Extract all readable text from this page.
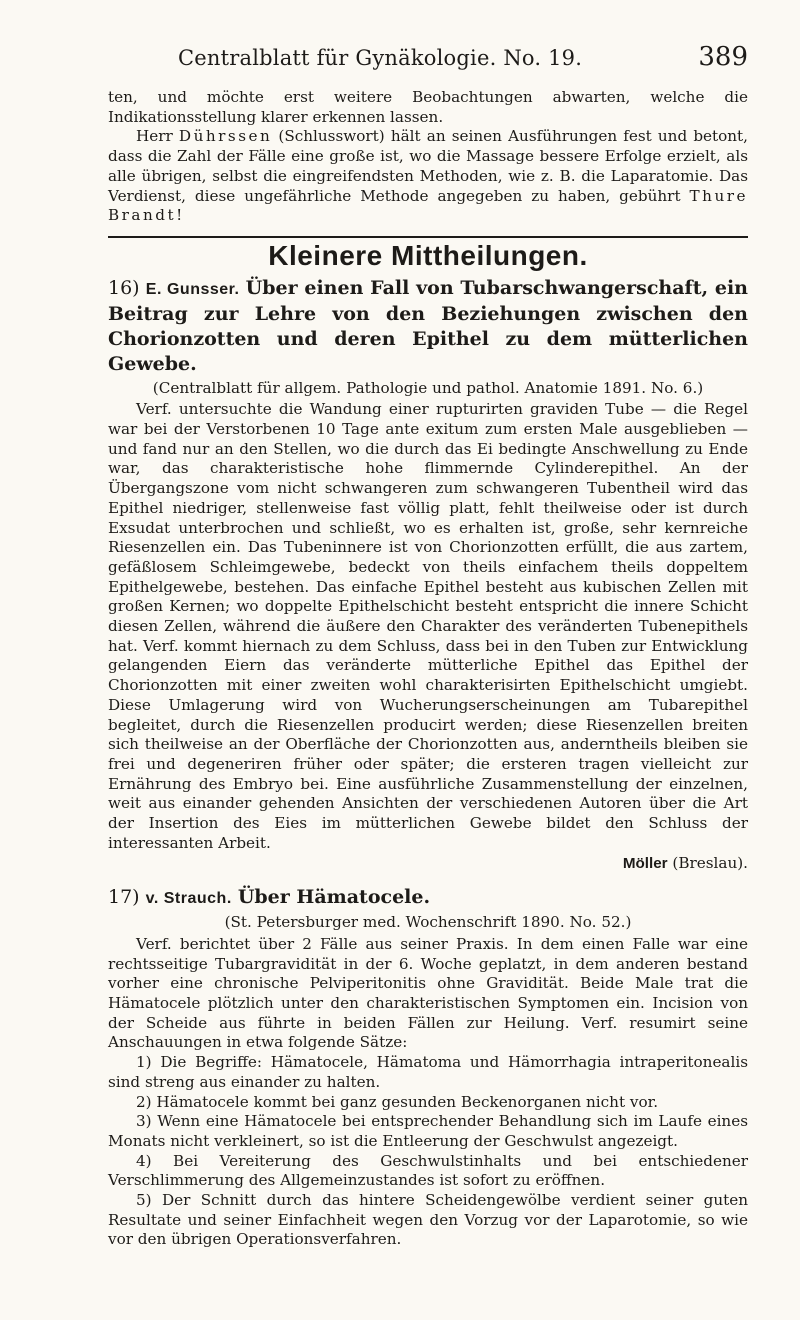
Centralblatt für Gynäkologie. No. 19.	389

ten, und möchte erst weitere Beobachtungen abwarten, welche die Indikationsstellung klarer erkennen lassen.

Herr Dührssen (Schlusswort) hält an seinen Ausführungen fest und betont, dass die Zahl der Fälle eine große ist, wo die Massage bessere Erfolge erzielt, als alle übrigen, selbst die eingreifendsten Methoden, wie z. B. die Laparatomie. Das Verdienst, diese ungefährliche Methode angegeben zu haben, gebührt Thure Brandt!

Kleinere Mittheilungen.

16) E. Gunsser. Über einen Fall von Tubarschwangerschaft, ein Beitrag zur Lehre von den Beziehungen zwischen den Chorionzotten und deren Epithel zu dem mütterlichen Gewebe.

(Centralblatt für allgem. Pathologie und pathol. Anatomie 1891. No. 6.)

Verf. untersuchte die Wandung einer rupturirten graviden Tube — die Regel war bei der Verstorbenen 10 Tage ante exitum zum ersten Male ausgeblieben — und fand nur an den Stellen, wo die durch das Ei bedingte Anschwellung zu Ende war, das charakteristische hohe flimmernde Cylinderepithel. An der Übergangszone vom nicht schwangeren zum schwangeren Tubentheil wird das Epithel niedriger, stellenweise fast völlig platt, fehlt theilweise oder ist durch Exsudat unterbrochen und schließt, wo es erhalten ist, große, sehr kernreiche Riesenzellen ein. Das Tubeninnere ist von Chorionzotten erfüllt, die aus zartem, gefäßlosem Schleimgewebe, bedeckt von theils einfachem theils doppeltem Epithelgewebe, bestehen. Das einfache Epithel besteht aus kubischen Zellen mit großen Kernen; wo doppelte Epithelschicht besteht entspricht die innere Schicht diesen Zellen, während die äußere den Charakter des veränderten Tubenepithels hat. Verf. kommt hiernach zu dem Schluss, dass bei in den Tuben zur Entwicklung gelangenden Eiern das veränderte mütterliche Epithel das Epithel der Chorionzotten mit einer zweiten wohl charakterisirten Epithelschicht umgiebt. Diese Umlagerung wird von Wucherungserscheinungen am Tubarepithel begleitet, durch die Riesenzellen producirt werden; diese Riesenzellen breiten sich theilweise an der Oberfläche der Chorionzotten aus, anderntheils bleiben sie frei und degeneriren früher oder später; die ersteren tragen vielleicht zur Ernährung des Embryo bei. Eine ausführliche Zusammenstellung der einzelnen, weit aus einander gehenden Ansichten der verschiedenen Autoren über die Art der Insertion des Eies im mütterlichen Gewebe bildet den Schluss der interessanten Arbeit.

Möller (Breslau).

17) v. Strauch. Über Hämatocele.

(St. Petersburger med. Wochenschrift 1890. No. 52.)

Verf. berichtet über 2 Fälle aus seiner Praxis. In dem einen Falle war eine rechtsseitige Tubargravidität in der 6. Woche geplatzt, in dem anderen bestand vorher eine chronische Pelviperitonitis ohne Gravidität. Beide Male trat die Hämatocele plötzlich unter den charakteristischen Symptomen ein. Incision von der Scheide aus führte in beiden Fällen zur Heilung. Verf. resumirt seine Anschauungen in etwa folgende Sätze:

1) Die Begriffe: Hämatocele, Hämatoma und Hämorrhagia intraperitonealis sind streng aus einander zu halten.

2) Hämatocele kommt bei ganz gesunden Beckenorganen nicht vor.

3) Wenn eine Hämatocele bei entsprechender Behandlung sich im Laufe eines Monats nicht verkleinert, so ist die Entleerung der Geschwulst angezeigt.

4) Bei Vereiterung des Geschwulstinhalts und bei entschiedener Verschlimmerung des Allgemeinzustandes ist sofort zu eröffnen.

5) Der Schnitt durch das hintere Scheidengewölbe verdient seiner guten Resultate und seiner Einfachheit wegen den Vorzug vor der Laparotomie, so wie vor den übrigen Operationsverfahren.
